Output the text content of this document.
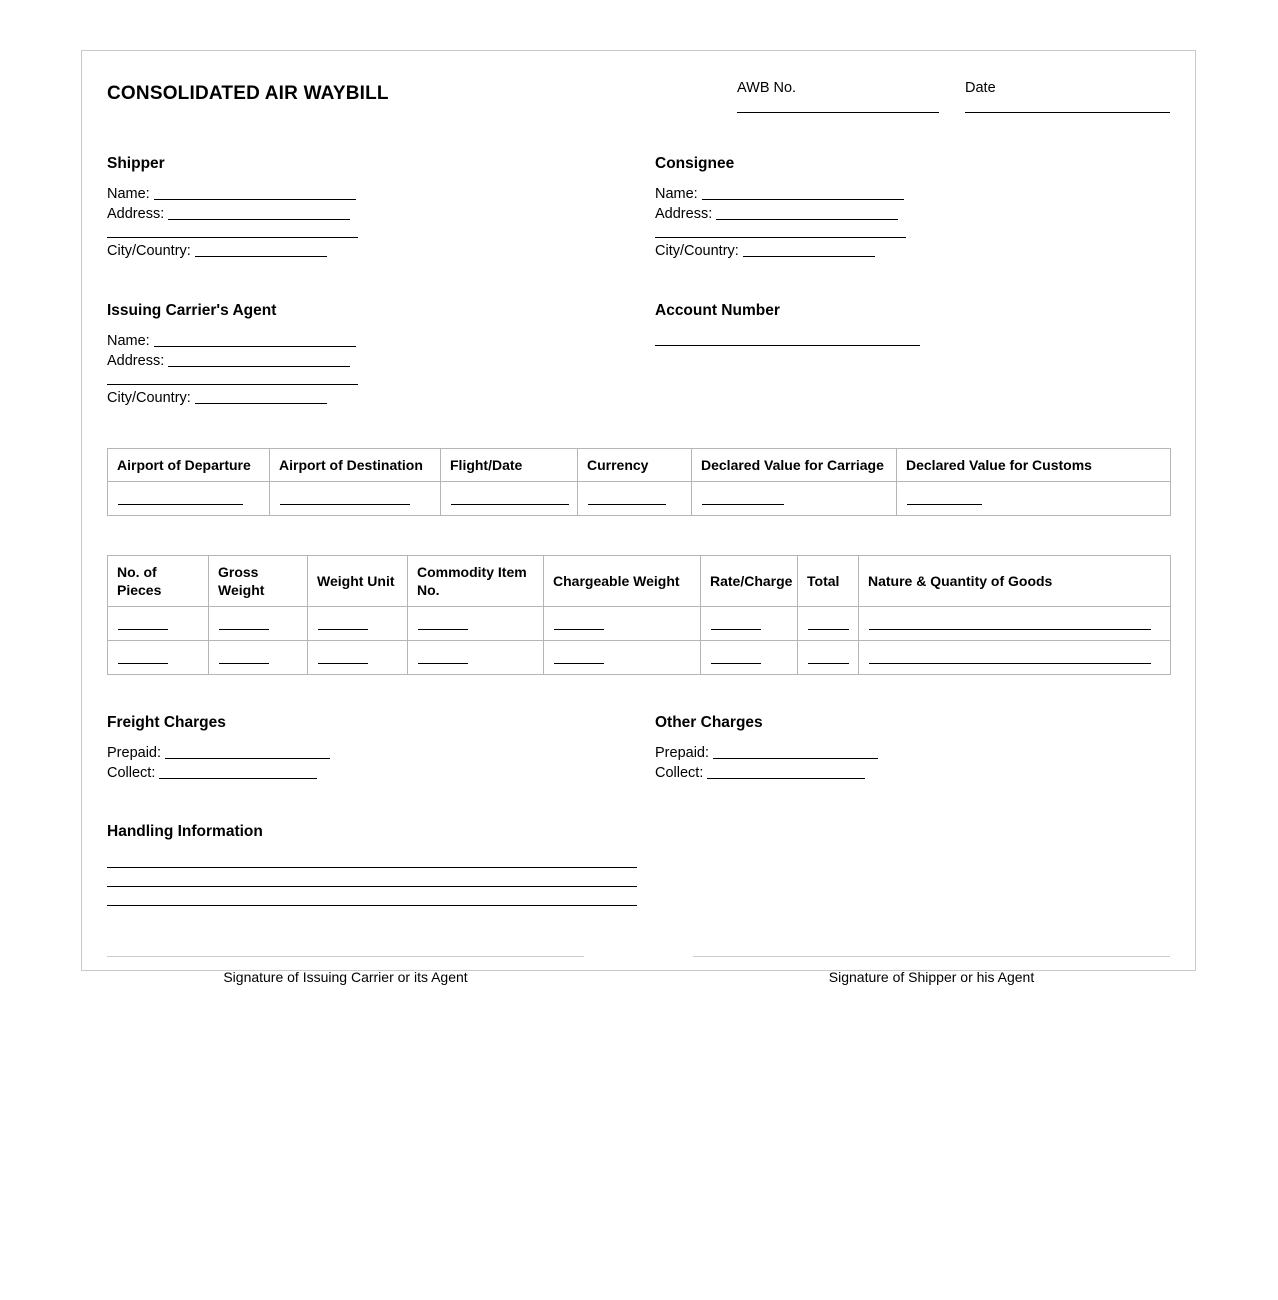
CONSOLIDATED AIR WAYBILL	AWB No.	Date
Shipper
Name:
Address:
City/Country:
Consignee
Name:
Address:
City/Country:
Issuing Carrier's Agent
Name:
Address:
City/Country:
Account Number
Airport of Departure	Airport of Destination	Flight/Date	Currency	Declared Value for Carriage	Declared Value for Customs

No. of Pieces	Gross Weight	Weight Unit	Commodity Item No.	Chargeable Weight	Rate/Charge	Total	Nature & Quantity of Goods

Freight Charges
Prepaid:
Collect:
Other Charges
Prepaid:
Collect:
Handling Information
Signature of Issuing Carrier or its Agent	Signature of Shipper or his Agent
